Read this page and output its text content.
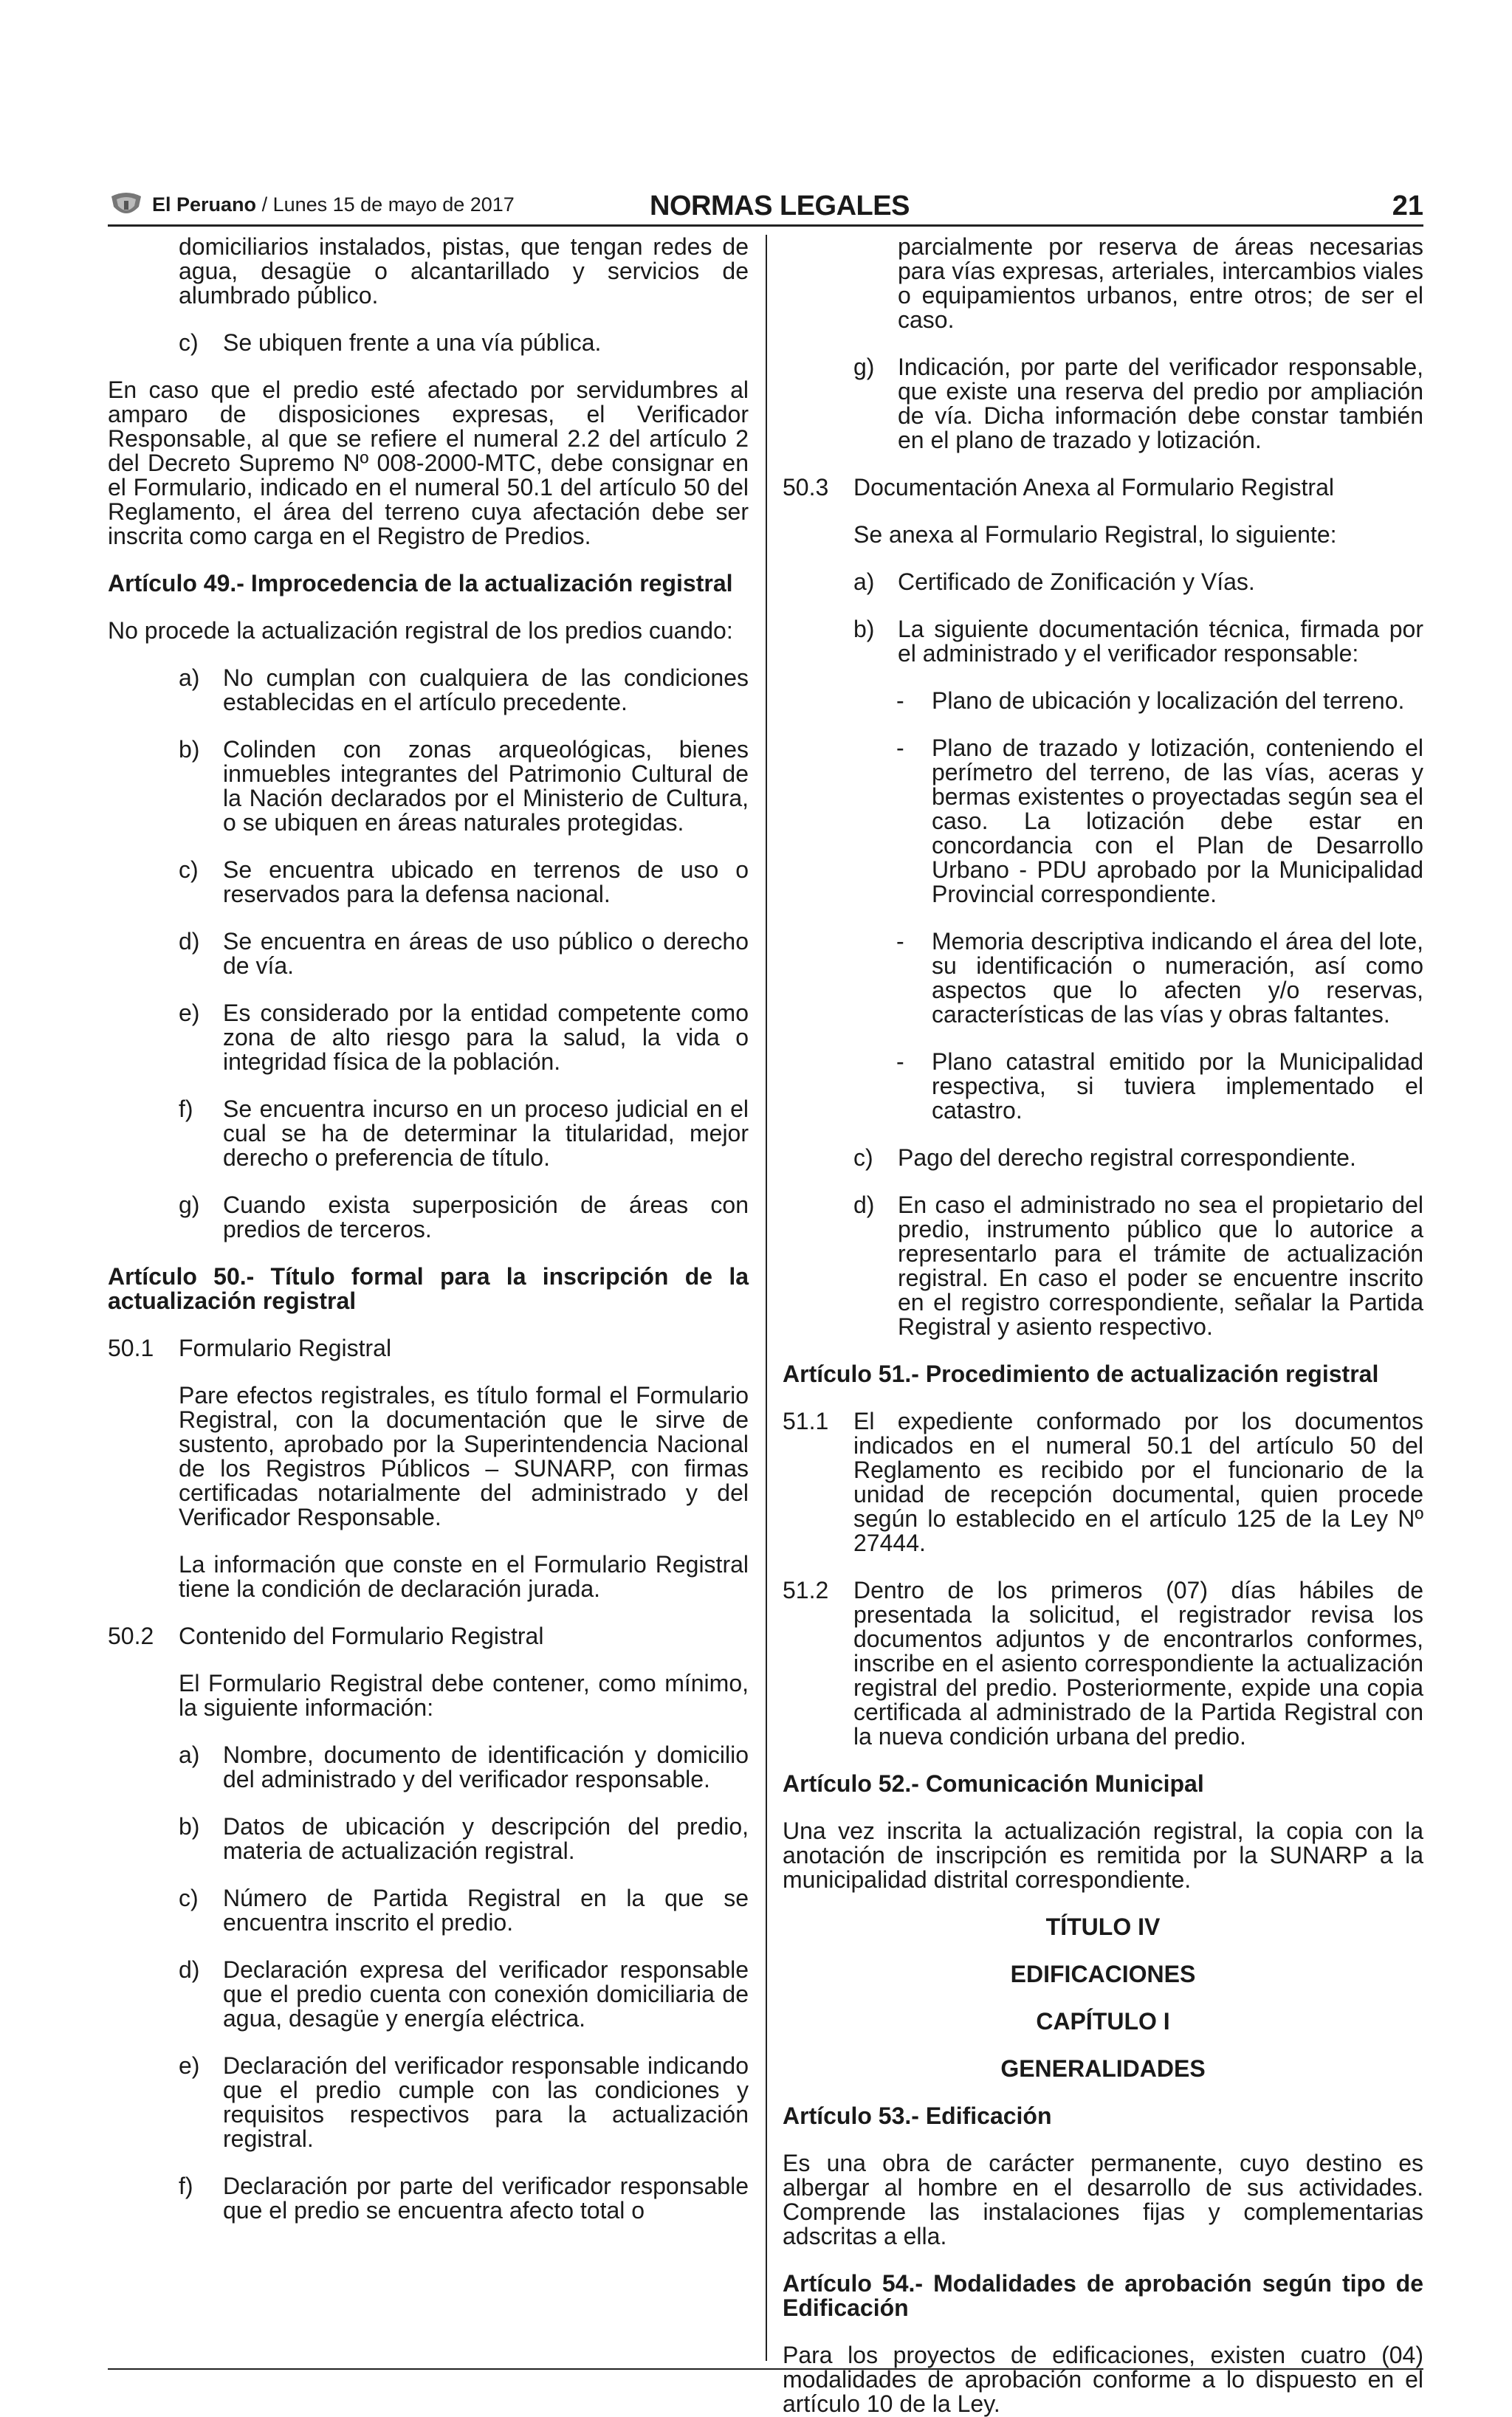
El Peruano / Lunes 15 de mayo de 2017	NORMAS LEGALES	21

domiciliarios instalados, pistas, que tengan redes de agua, desagüe o alcantarillado y servicios de alumbrado público.

c) Se ubiquen frente a una vía pública.

En caso que el predio esté afectado por servidumbres al amparo de disposiciones expresas, el Verificador Responsable, al que se refiere el numeral 2.2 del artículo 2 del Decreto Supremo Nº 008-2000-MTC, debe consignar en el Formulario, indicado en el numeral 50.1 del artículo 50 del Reglamento, el área del terreno cuya afectación debe ser inscrita como carga en el Registro de Predios.

Artículo 49.- Improcedencia de la actualización registral

No procede la actualización registral de los predios cuando:

a) No cumplan con cualquiera de las condiciones establecidas en el artículo precedente.
b) Colinden con zonas arqueológicas, bienes inmuebles integrantes del Patrimonio Cultural de la Nación declarados por el Ministerio de Cultura, o se ubiquen en áreas naturales protegidas.
c) Se encuentra ubicado en terrenos de uso o reservados para la defensa nacional.
d) Se encuentra en áreas de uso público o derecho de vía.
e) Es considerado por la entidad competente como zona de alto riesgo para la salud, la vida o integridad física de la población.
f) Se encuentra incurso en un proceso judicial en el cual se ha de determinar la titularidad, mejor derecho o preferencia de título.
g) Cuando exista superposición de áreas con predios de terceros.

Artículo 50.- Título formal para la inscripción de la actualización registral

50.1 Formulario Registral

Pare efectos registrales, es título formal el Formulario Registral, con la documentación que le sirve de sustento, aprobado por la Superintendencia Nacional de los Registros Públicos – SUNARP, con firmas certificadas notarialmente del administrado y del Verificador Responsable.

La información que conste en el Formulario Registral tiene la condición de declaración jurada.

50.2 Contenido del Formulario Registral

El Formulario Registral debe contener, como mínimo, la siguiente información:

a) Nombre, documento de identificación y domicilio del administrado y del verificador responsable.
b) Datos de ubicación y descripción del predio, materia de actualización registral.
c) Número de Partida Registral en la que se encuentra inscrito el predio.
d) Declaración expresa del verificador responsable que el predio cuenta con conexión domiciliaria de agua, desagüe y energía eléctrica.
e) Declaración del verificador responsable indicando que el predio cumple con las condiciones y requisitos respectivos para la actualización registral.
f) Declaración por parte del verificador responsable que el predio se encuentra afecto total o

parcialmente por reserva de áreas necesarias para vías expresas, arteriales, intercambios viales o equipamientos urbanos, entre otros; de ser el caso.

g) Indicación, por parte del verificador responsable, que existe una reserva del predio por ampliación de vía. Dicha información debe constar también en el plano de trazado y lotización.
50.3 Documentación Anexa al Formulario Registral

Se anexa al Formulario Registral, lo siguiente:

a) Certificado de Zonificación y Vías.
b) La siguiente documentación técnica, firmada por el administrado y el verificador responsable:
- Plano de ubicación y localización del terreno.
- Plano de trazado y lotización, conteniendo el perímetro del terreno, de las vías, aceras y bermas existentes o proyectadas según sea el caso. La lotización debe estar en concordancia con el Plan de Desarrollo Urbano - PDU aprobado por la Municipalidad Provincial correspondiente.
- Memoria descriptiva indicando el área del lote, su identificación o numeración, así como aspectos que lo afecten y/o reservas, características de las vías y obras faltantes.
- Plano catastral emitido por la Municipalidad respectiva, si tuviera implementado el catastro.
c) Pago del derecho registral correspondiente.
d) En caso el administrado no sea el propietario del predio, instrumento público que lo autorice a representarlo para el trámite de actualización registral. En caso el poder se encuentre inscrito en el registro correspondiente, señalar la Partida Registral y asiento respectivo.

Artículo 51.- Procedimiento de actualización registral

51.1 El expediente conformado por los documentos indicados en el numeral 50.1 del artículo 50 del Reglamento es recibido por el funcionario de la unidad de recepción documental, quien procede según lo establecido en el artículo 125 de la Ley Nº 27444.
51.2 Dentro de los primeros (07) días hábiles de presentada la solicitud, el registrador revisa los documentos adjuntos y de encontrarlos conformes, inscribe en el asiento correspondiente la actualización registral del predio. Posteriormente, expide una copia certificada al administrado de la Partida Registral con la nueva condición urbana del predio.

Artículo 52.- Comunicación Municipal

Una vez inscrita la actualización registral, la copia con la anotación de inscripción es remitida por la SUNARP a la municipalidad distrital correspondiente.

TÍTULO IV

EDIFICACIONES

CAPÍTULO I

GENERALIDADES

Artículo 53.- Edificación

Es una obra de carácter permanente, cuyo destino es albergar al hombre en el desarrollo de sus actividades. Comprende las instalaciones fijas y complementarias adscritas a ella.

Artículo 54.- Modalidades de aprobación según tipo de Edificación

Para los proyectos de edificaciones, existen cuatro (04) modalidades de aprobación conforme a lo dispuesto en el artículo 10 de la Ley.
